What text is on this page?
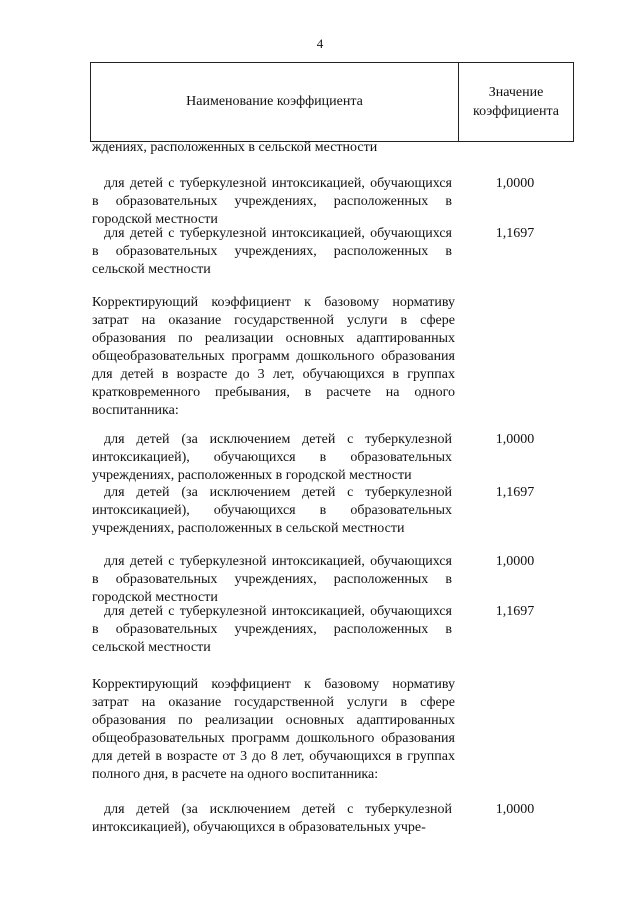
4
Наименование коэффициента
Значение
коэффициента
ждениях, расположенных в сельской местности
для детей с туберкулезной интоксикацией, обучающихся в образовательных учреждениях, расположенных в городской местности
1,0000
для детей с туберкулезной интоксикацией, обучающихся в образовательных учреждениях, расположенных в сельской местности
1,1697
Корректирующий коэффициент к базовому нормативу затрат на оказание государственной услуги в сфере образования по реализации основных адаптированных общеобразовательных программ дошкольного образования для детей в возрасте до 3 лет, обучающихся в группах кратковременного пребывания, в расчете на одного воспитанника:
для детей (за исключением детей с туберкулезной интоксикацией), обучающихся в образовательных учреждениях, расположенных в городской местности
1,0000
для детей (за исключением детей с туберкулезной интоксикацией), обучающихся в образовательных учреждениях, расположенных в сельской местности
1,1697
для детей с туберкулезной интоксикацией, обучающихся в образовательных учреждениях, расположенных в городской местности
1,0000
для детей с туберкулезной интоксикацией, обучающихся в образовательных учреждениях, расположенных в сельской местности
1,1697
Корректирующий коэффициент к базовому нормативу затрат на оказание государственной услуги в сфере образования по реализации основных адаптированных общеобразовательных программ дошкольного образования для детей в возрасте от 3 до 8 лет, обучающихся в группах полного дня, в расчете на одного воспитанника:
для детей (за исключением детей с туберкулезной интоксикацией), обучающихся в образовательных учре-
1,0000
